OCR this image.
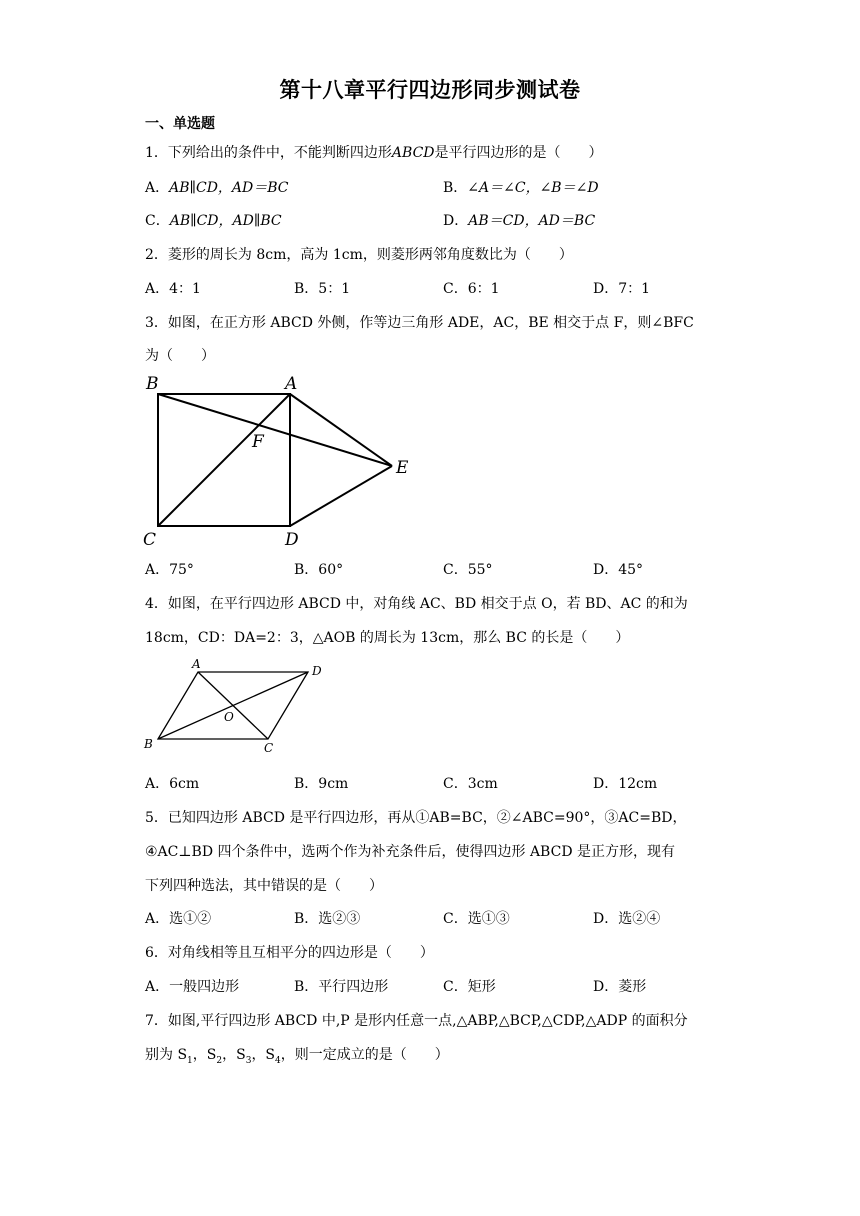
第十八章平行四边形同步测试卷
一、单选题
1．下列给出的条件中，不能判断四边形ABCD是平行四边形的是（　　）
A．AB∥CD，AD＝BC	B．∠A＝∠C，∠B＝∠D
C．AB∥CD，AD∥BC	D．AB＝CD，AD＝BC
2．菱形的周长为 8cm，高为 1cm，则菱形两邻角度数比为（　　）
A．4：1	B．5：1	C．6：1	D．7：1
3．如图，在正方形 ABCD 外侧，作等边三角形 ADE，AC，BE 相交于点 F，则∠BFC
为（　　）
B	A
F
E
C	D
A．75°	B．60°	C．55°	D．45°
4．如图，在平行四边形 ABCD 中，对角线 AC、BD 相交于点 O，若 BD、AC 的和为
18cm，CD：DA=2：3，△AOB 的周长为 13cm，那么 BC 的长是（　　）
A	D
O
B	C
A．6cm	B．9cm	C．3cm	D．12cm
5．已知四边形 ABCD 是平行四边形，再从①AB=BC，②∠ABC=90°，③AC=BD，
④AC⊥BD 四个条件中，选两个作为补充条件后，使得四边形 ABCD 是正方形，现有
下列四种选法，其中错误的是（　　）
A．选①②	B．选②③	C．选①③	D．选②④
6．对角线相等且互相平分的四边形是（　　）
A．一般四边形	B．平行四边形	C．矩形	D．菱形
7．如图,平行四边形 ABCD 中,P 是形内任意一点,△ABP,△BCP,△CDP,△ADP 的面积分
别为 $S_1$，$S_2$，$S_3$，$S_4$，则一定成立的是（　　）
